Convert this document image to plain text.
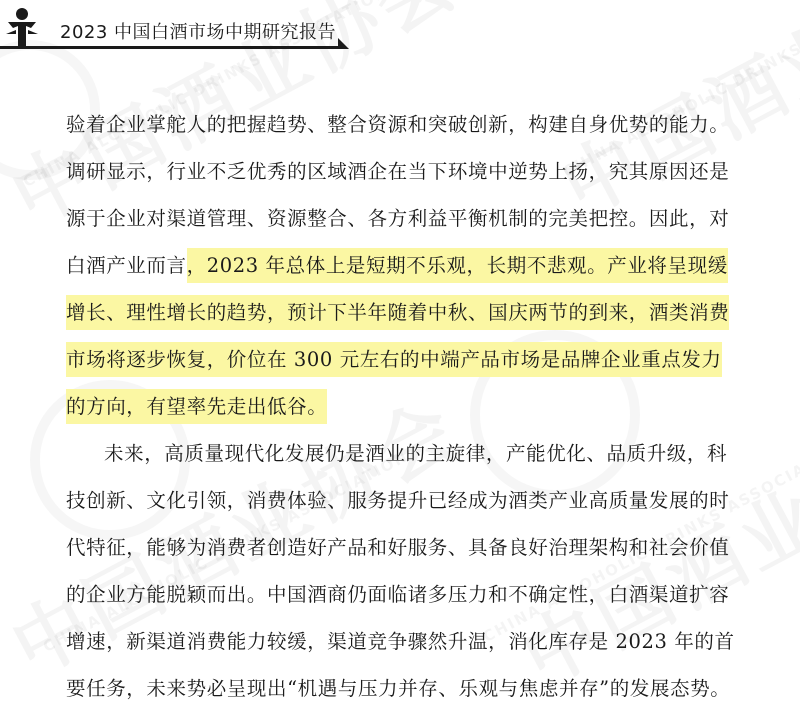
2023 中国白酒市场中期研究报告
验着企业掌舵人的把握趋势、整合资源和突破创新，构建自身优势的能力。
调研显示，行业不乏优秀的区域酒企在当下环境中逆势上扬，究其原因还是
源于企业对渠道管理、资源整合、各方利益平衡机制的完美把控。因此，对
白酒产业而言，2023 年总体上是短期不乐观，长期不悲观。产业将呈现缓
增长、理性增长的趋势，预计下半年随着中秋、国庆两节的到来，酒类消费
市场将逐步恢复，价位在 300 元左右的中端产品市场是品牌企业重点发力
的方向，有望率先走出低谷。
未来，高质量现代化发展仍是酒业的主旋律，产能优化、品质升级，科
技创新、文化引领，消费体验、服务提升已经成为酒类产业高质量发展的时
代特征，能够为消费者创造好产品和好服务、具备良好治理架构和社会价值
的企业方能脱颖而出。中国酒商仍面临诸多压力和不确定性，白酒渠道扩容
增速，新渠道消费能力较缓，渠道竞争骤然升温，消化库存是 2023 年的首
要任务，未来势必呈现出“机遇与压力并存、乐观与焦虑并存”的发展态势。
